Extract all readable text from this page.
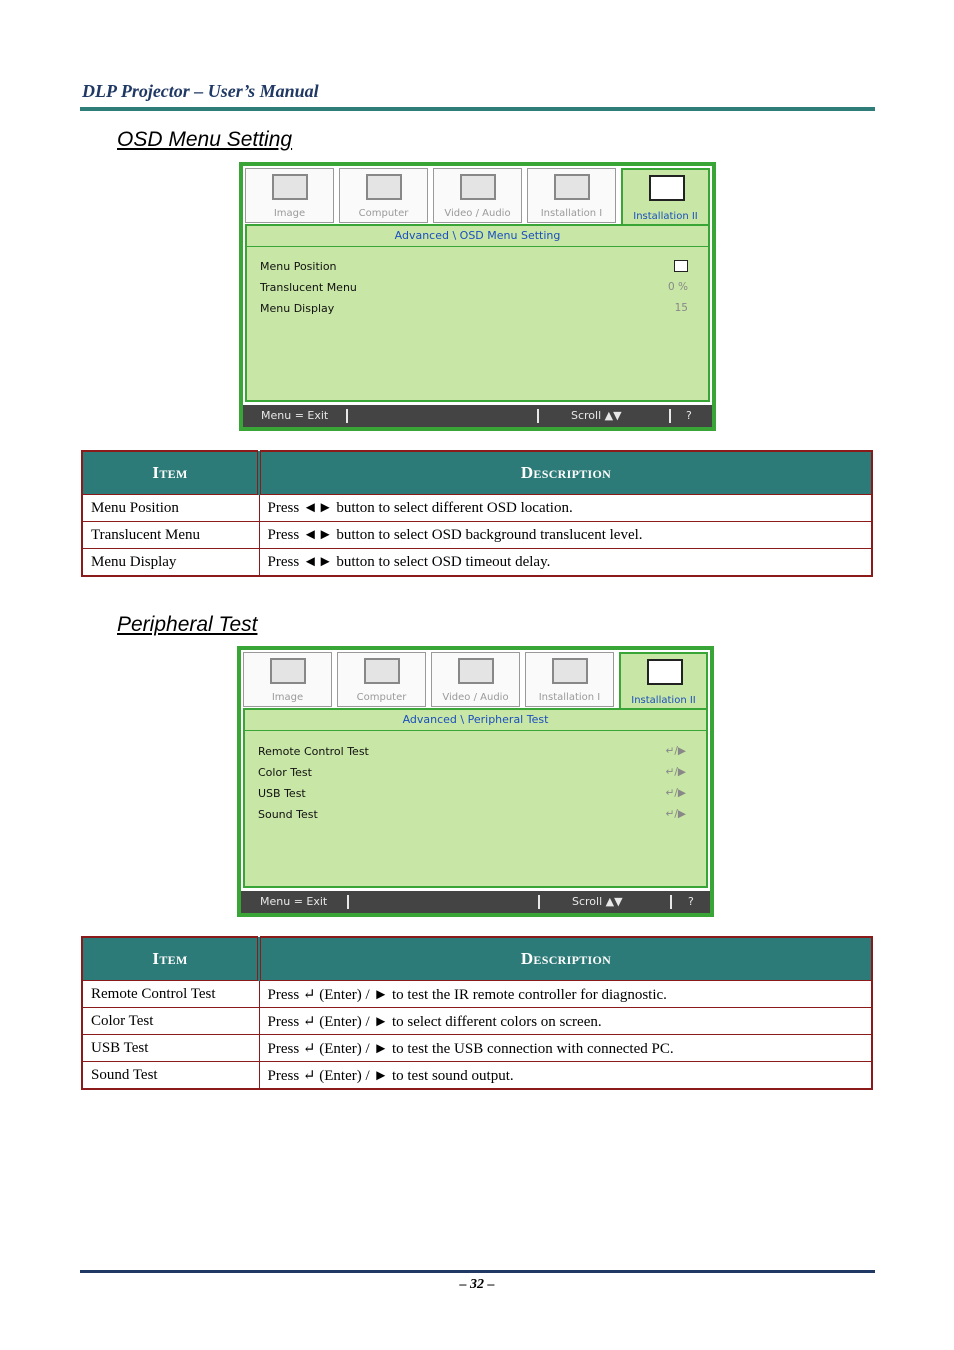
DLP Projector – User’s Manual
OSD Menu Setting
Image	Computer	Video / Audio	Installation I	Installation II
Advanced \ OSD Menu Setting
Menu Position
Translucent Menu	0 %
Menu Display	15
Menu = Exit	Scroll ▲▼	?
Item	Description
Menu Position	Press ◄► button to select different OSD location.
Translucent Menu	Press ◄► button to select OSD background translucent level.
Menu Display	Press ◄► button to select OSD timeout delay.
Peripheral Test
Image	Computer	Video / Audio	Installation I	Installation II
Advanced \ Peripheral Test
Remote Control Test	↵/▶
Color Test	↵/▶
USB Test	↵/▶
Sound Test	↵/▶
Menu = Exit	Scroll ▲▼	?
Item	Description
Remote Control Test	Press ↵ (Enter) / ► to test the IR remote controller for diagnostic.
Color Test	Press ↵ (Enter) / ► to select different colors on screen.
USB Test	Press ↵ (Enter) / ► to test the USB connection with connected PC.
Sound Test	Press ↵ (Enter) / ► to test sound output.
– 32 –
